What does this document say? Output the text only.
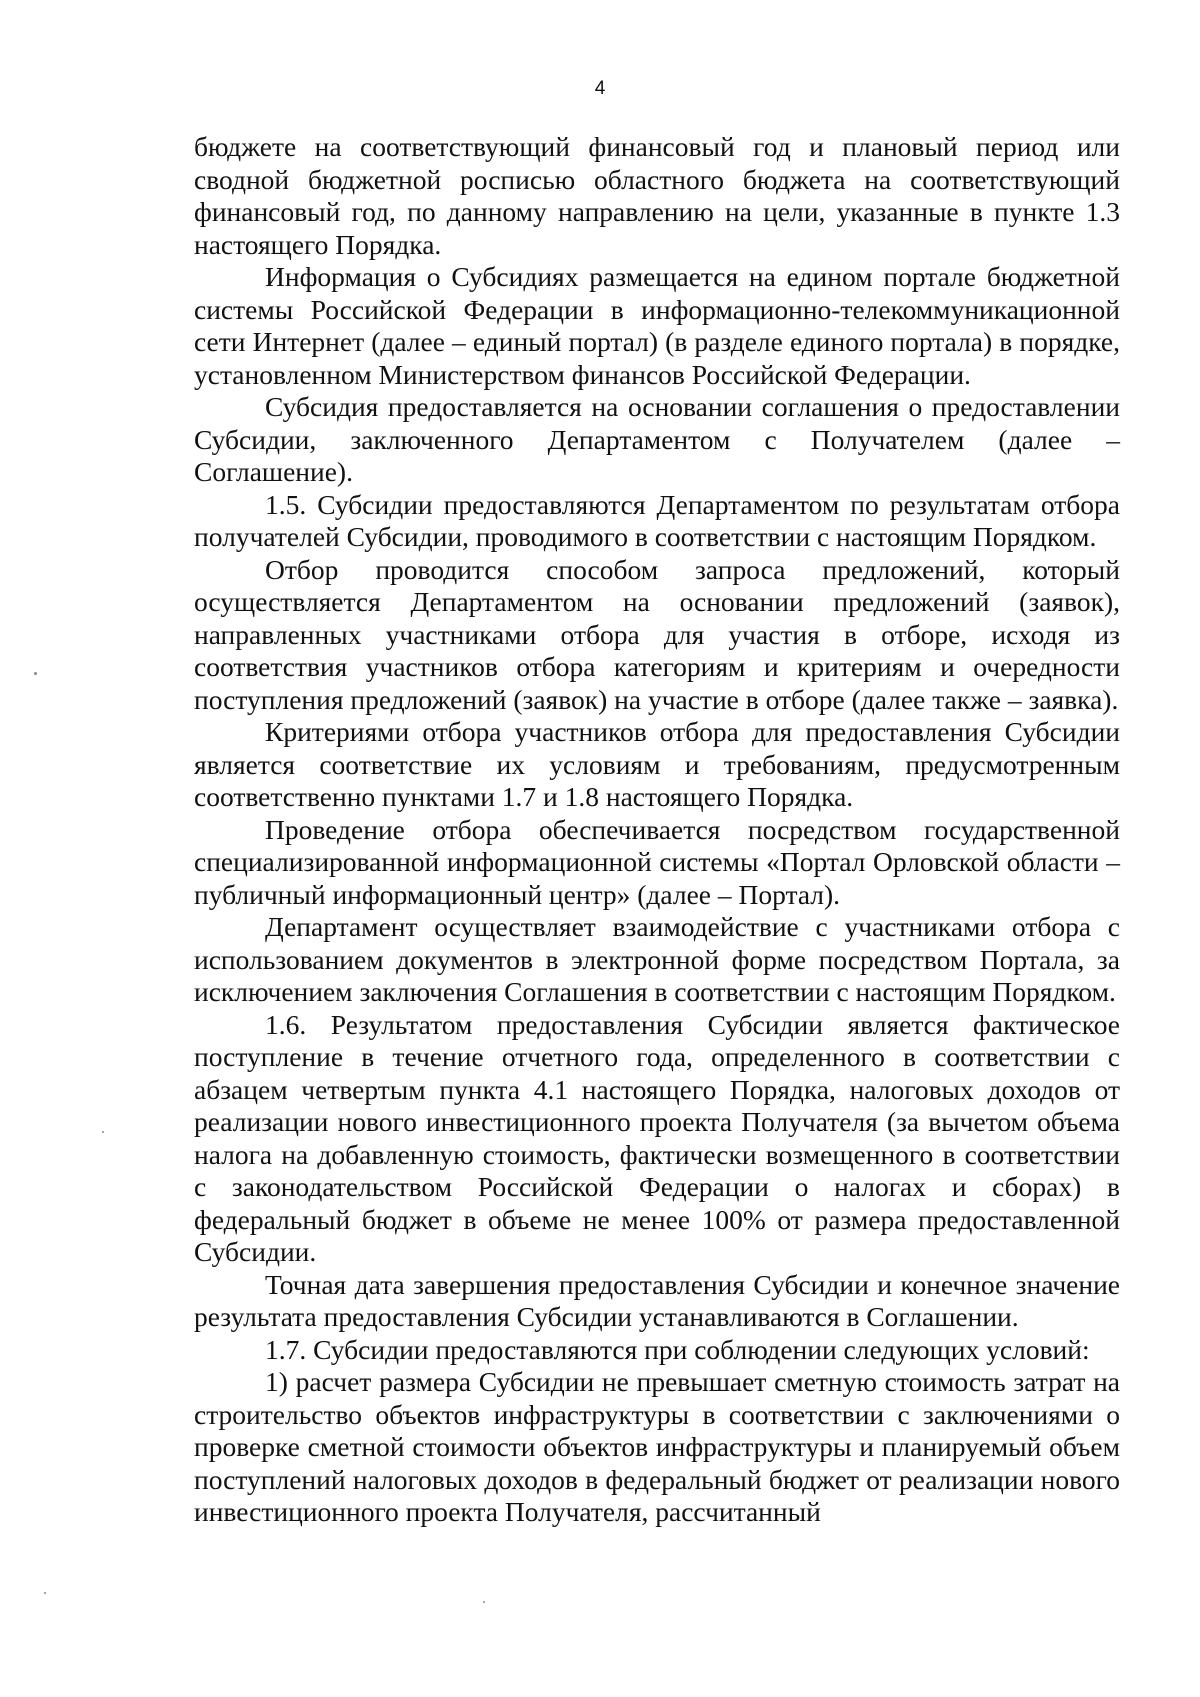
4

бюджете на соответствующий финансовый год и плановый период или сводной бюджетной росписью областного бюджета на соответствующий финансовый год, по данному направлению на цели, указанные в пункте 1.3 настоящего Порядка.

Информация о Субсидиях размещается на едином портале бюджетной системы Российской Федерации в информационно-телекоммуникационной сети Интернет (далее – единый портал) (в разделе единого портала) в порядке, установленном Министерством финансов Российской Федерации.

Субсидия предоставляется на основании соглашения о предоставлении Субсидии, заключенного Департаментом с Получателем (далее – Соглашение).

1.5. Субсидии предоставляются Департаментом по результатам отбора получателей Субсидии, проводимого в соответствии с настоящим Порядком.

Отбор проводится способом запроса предложений, который осуществляется Департаментом на основании предложений (заявок), направленных участниками отбора для участия в отборе, исходя из соответствия участников отбора категориям и критериям и очередности поступления предложений (заявок) на участие в отборе (далее также – заявка).

Критериями отбора участников отбора для предоставления Субсидии является соответствие их условиям и требованиям, предусмотренным соответственно пунктами 1.7 и 1.8 настоящего Порядка.

Проведение отбора обеспечивается посредством государственной специализированной информационной системы «Портал Орловской области – публичный информационный центр» (далее – Портал).

Департамент осуществляет взаимодействие с участниками отбора с использованием документов в электронной форме посредством Портала, за исключением заключения Соглашения в соответствии с настоящим Порядком.

1.6. Результатом предоставления Субсидии является фактическое поступление в течение отчетного года, определенного в соответствии с абзацем четвертым пункта 4.1 настоящего Порядка, налоговых доходов от реализации нового инвестиционного проекта Получателя (за вычетом объема налога на добавленную стоимость, фактически возмещенного в соответствии с законодательством Российской Федерации о налогах и сборах) в федеральный бюджет в объеме не менее 100% от размера предоставленной Субсидии.

Точная дата завершения предоставления Субсидии и конечное значение результата предоставления Субсидии устанавливаются в Соглашении.

1.7. Субсидии предоставляются при соблюдении следующих условий:

1) расчет размера Субсидии не превышает сметную стоимость затрат на строительство объектов инфраструктуры в соответствии с заключениями о проверке сметной стоимости объектов инфраструктуры и планируемый объем поступлений налоговых доходов в федеральный бюджет от реализации нового инвестиционного проекта Получателя, рассчитанный
